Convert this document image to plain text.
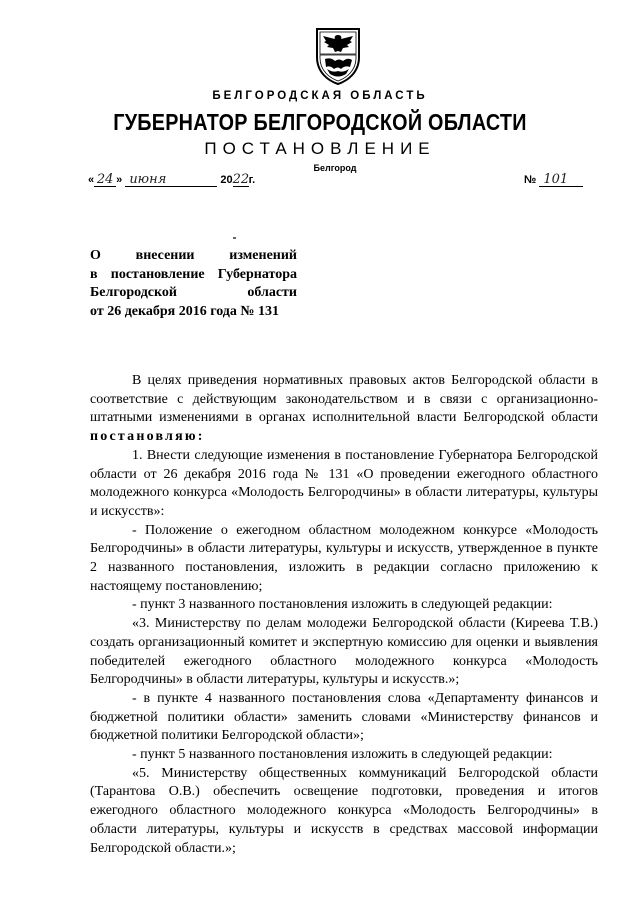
БЕЛГОРОДСКАЯ ОБЛАСТЬ
ГУБЕРНАТОР БЕЛГОРОДСКОЙ ОБЛАСТИ
ПОСТАНОВЛЕНИЕ
Белгород
« 24 » июня	2022г.	№ 101
О внесении изменений
в постановление Губернатора
Белгородской области
от 26 декабря 2016 года № 131

В целях приведения нормативных правовых актов Белгородской области в соответствие с действующим законодательством и в связи с организационно-штатными изменениями в органах исполнительной власти Белгородской области постановляю:

1. Внести следующие изменения в постановление Губернатора Белгородской области от 26 декабря 2016 года № 131 «О проведении ежегодного областного молодежного конкурса «Молодость Белгородчины» в области литературы, культуры и искусств»:

- Положение о ежегодном областном молодежном конкурсе «Молодость Белгородчины» в области литературы, культуры и искусств, утвержденное в пункте 2 названного постановления, изложить в редакции согласно приложению к настоящему постановлению;

- пункт 3 названного постановления изложить в следующей редакции:

«3. Министерству по делам молодежи Белгородской области (Киреева Т.В.) создать организационный комитет и экспертную комиссию для оценки и выявления победителей ежегодного областного молодежного конкурса «Молодость Белгородчины» в области литературы, культуры и искусств.»;

- в пункте 4 названного постановления слова «Департаменту финансов и бюджетной политики области» заменить словами «Министерству финансов и бюджетной политики Белгородской области»;

- пункт 5 названного постановления изложить в следующей редакции:

«5. Министерству общественных коммуникаций Белгородской области (Тарантова О.В.) обеспечить освещение подготовки, проведения и итогов ежегодного областного молодежного конкурса «Молодость Белгородчины» в области литературы, культуры и искусств в средствах массовой информации Белгородской области.»;
